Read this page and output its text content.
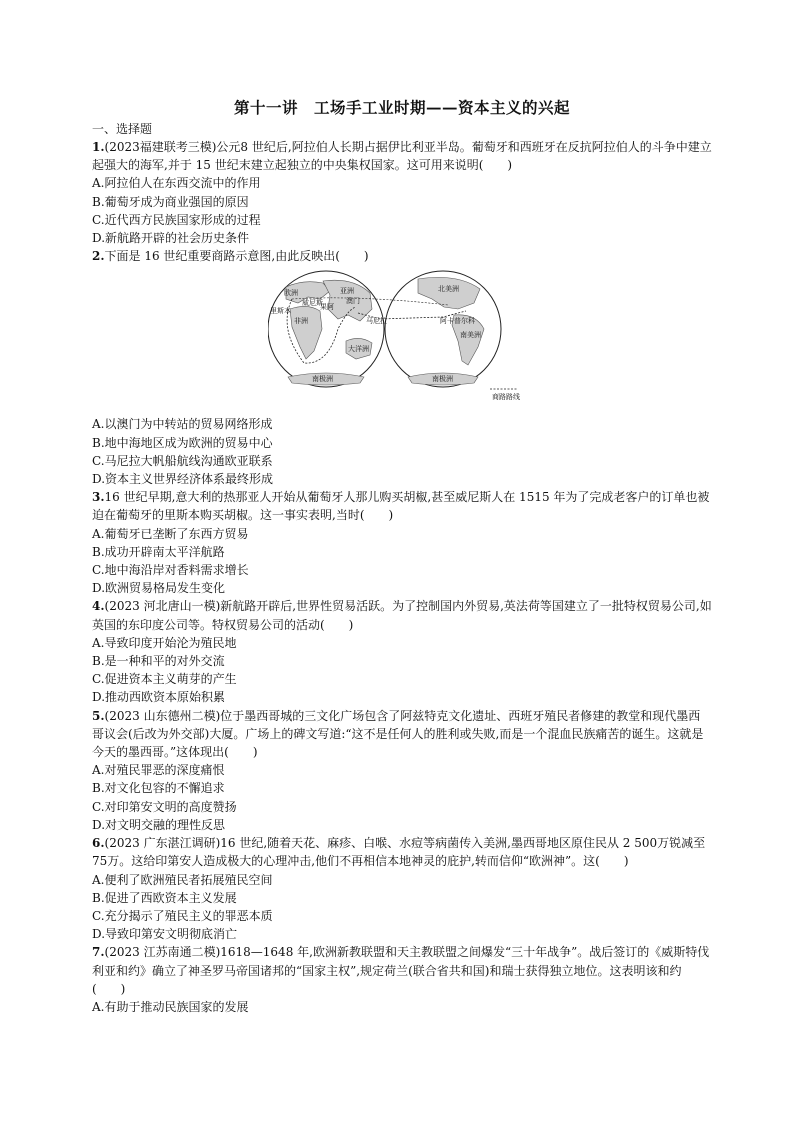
第十一讲　工场手工业时期——资本主义的兴起
一、选择题
1.(2023福建联考三模)公元8 世纪后,阿拉伯人长期占据伊比利亚半岛。葡萄牙和西班牙在反抗阿拉伯人的斗争中建立起强大的海军,并于 15 世纪末建立起独立的中央集权国家。这可用来说明(　　)
A.阿拉伯人在东西交流中的作用
B.葡萄牙成为商业强国的原因
C.近代西方民族国家形成的过程
D.新航路开辟的社会历史条件
2.下面是 16 世纪重要商路示意图,由此反映出(　　)
欧洲	亚洲
非洲
大洋洲
南极洲
里斯本
威尼斯
果阿
澳门
马尼拉
北美洲
阿卡普尔科
南美洲
南极洲
商路路线
A.以澳门为中转站的贸易网络形成
B.地中海地区成为欧洲的贸易中心
C.马尼拉大帆船航线沟通欧亚联系
D.资本主义世界经济体系最终形成
3.16 世纪早期,意大利的热那亚人开始从葡萄牙人那儿购买胡椒,甚至威尼斯人在 1515 年为了完成老客户的订单也被迫在葡萄牙的里斯本购买胡椒。这一事实表明,当时(　　)
A.葡萄牙已垄断了东西方贸易
B.成功开辟南太平洋航路
C.地中海沿岸对香料需求增长
D.欧洲贸易格局发生变化
4.(2023 河北唐山一模)新航路开辟后,世界性贸易活跃。为了控制国内外贸易,英法荷等国建立了一批特权贸易公司,如英国的东印度公司等。特权贸易公司的活动(　　)
A.导致印度开始沦为殖民地
B.是一种和平的对外交流
C.促进资本主义萌芽的产生
D.推动西欧资本原始积累
5.(2023 山东德州二模)位于墨西哥城的三文化广场包含了阿兹特克文化遗址、西班牙殖民者修建的教堂和现代墨西哥议会(后改为外交部)大厦。广场上的碑文写道:“这不是任何人的胜利或失败,而是一个混血民族痛苦的诞生。这就是今天的墨西哥。”这体现出(　　)
A.对殖民罪恶的深度痛恨
B.对文化包容的不懈追求
C.对印第安文明的高度赞扬
D.对文明交融的理性反思
6.(2023 广东湛江调研)16 世纪,随着天花、麻疹、白喉、水痘等病菌传入美洲,墨西哥地区原住民从 2 500万锐减至 75万。这给印第安人造成极大的心理冲击,他们不再相信本地神灵的庇护,转而信仰“欧洲神”。这(　　)
A.便利了欧洲殖民者拓展殖民空间
B.促进了西欧资本主义发展
C.充分揭示了殖民主义的罪恶本质
D.导致印第安文明彻底消亡
7.(2023 江苏南通二模)1618—1648 年,欧洲新教联盟和天主教联盟之间爆发“三十年战争”。战后签订的《威斯特伐利亚和约》确立了神圣罗马帝国诸邦的“国家主权”,规定荷兰(联合省共和国)和瑞士获得独立地位。这表明该和约(　　)
A.有助于推动民族国家的发展
